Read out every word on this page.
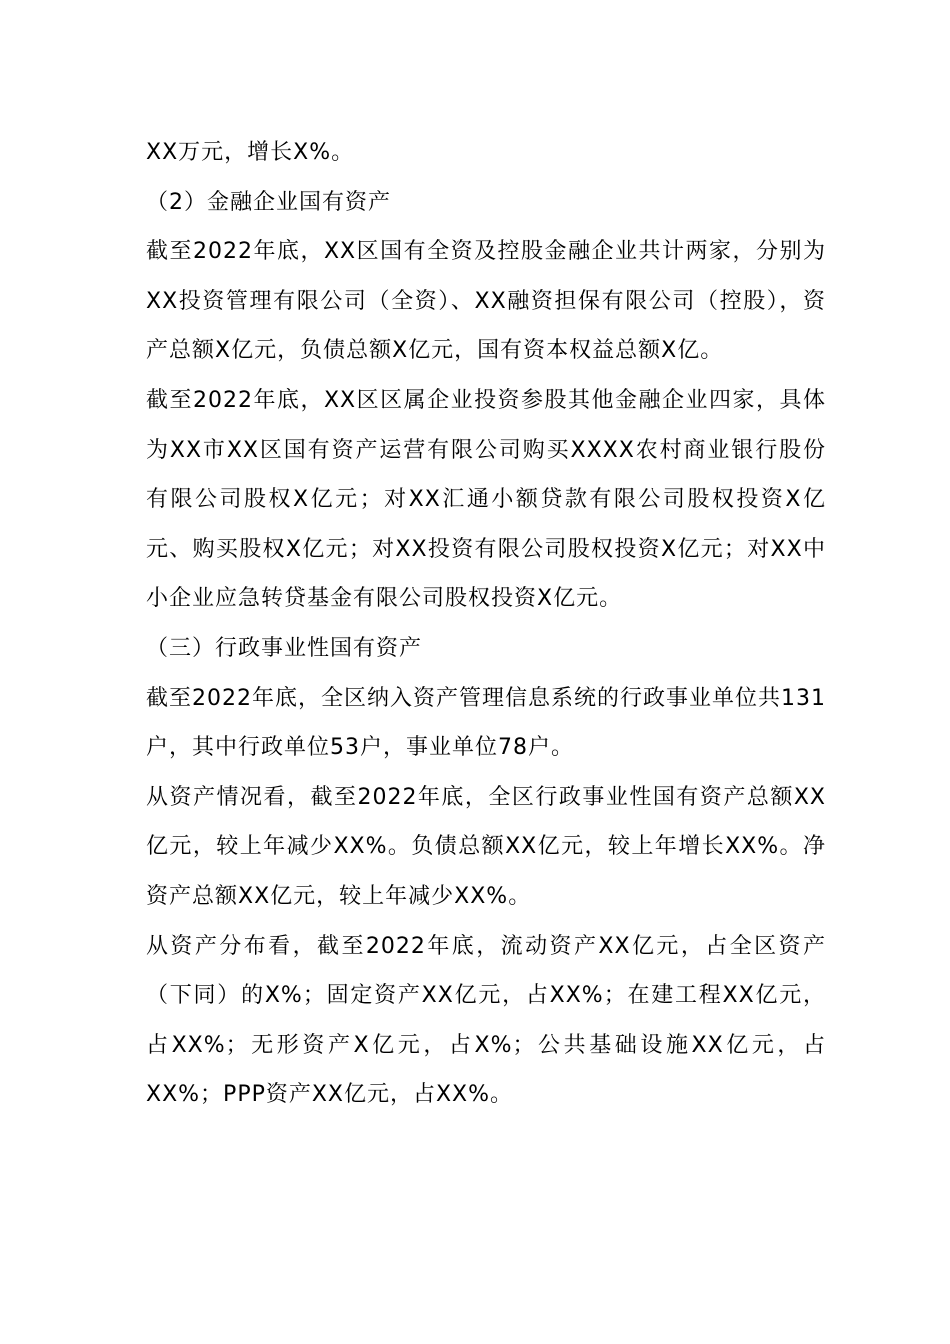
XX万元，增长X%。

（2）金融企业国有资产

截至2022年底，XX区国有全资及控股金融企业共计两家，分别为XX投资管理有限公司（全资）、XX融资担保有限公司（控股），资产总额X亿元，负债总额X亿元，国有资本权益总额X亿。

截至2022年底，XX区区属企业投资参股其他金融企业四家，具体为XX市XX区国有资产运营有限公司购买XXXX农村商业银行股份有限公司股权X亿元；对XX汇通小额贷款有限公司股权投资X亿元、购买股权X亿元；对XX投资有限公司股权投资X亿元；对XX中小企业应急转贷基金有限公司股权投资X亿元。

（三）行政事业性国有资产

截至2022年底，全区纳入资产管理信息系统的行政事业单位共131户，其中行政单位53户，事业单位78户。

从资产情况看，截至2022年底，全区行政事业性国有资产总额XX亿元，较上年减少XX%。负债总额XX亿元，较上年增长XX%。净资产总额XX亿元，较上年减少XX%。

从资产分布看，截至2022年底，流动资产XX亿元，占全区资产（下同）的X%；固定资产XX亿元，占XX%；在建工程XX亿元，占XX%；无形资产X亿元，占X%；公共基础设施XX亿元，占XX%；PPP资产XX亿元，占XX%。
